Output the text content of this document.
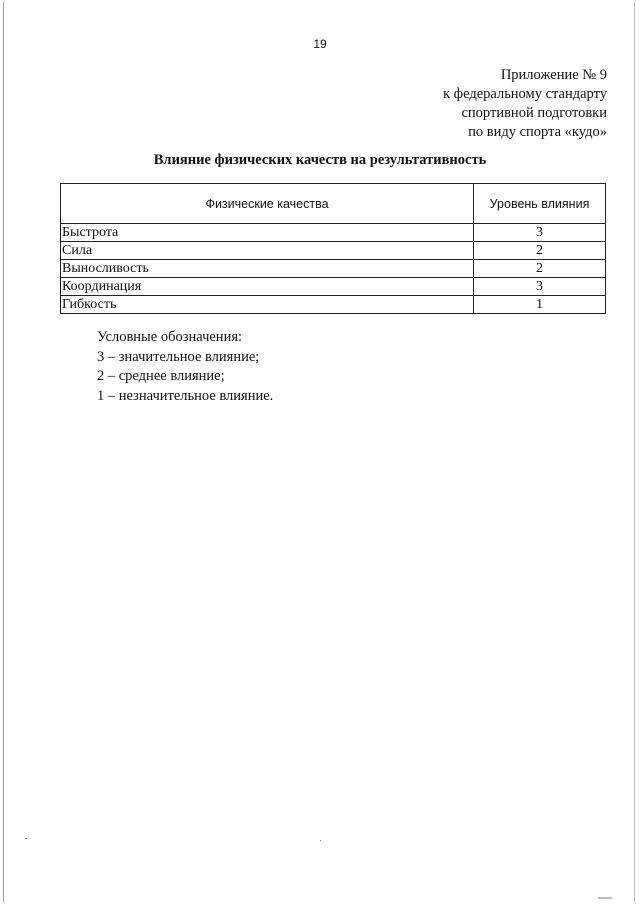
19
Приложение № 9
к федеральному стандарту
спортивной подготовки
по виду спорта «кудо»
Влияние физических качеств на результативность
Физические качества	Уровень влияния
Быстрота	3
Сила	2
Выносливость	2
Координация	3
Гибкость	1
Условные обозначения:
3 – значительное влияние;
2 – среднее влияние;
1 – незначительное влияние.
